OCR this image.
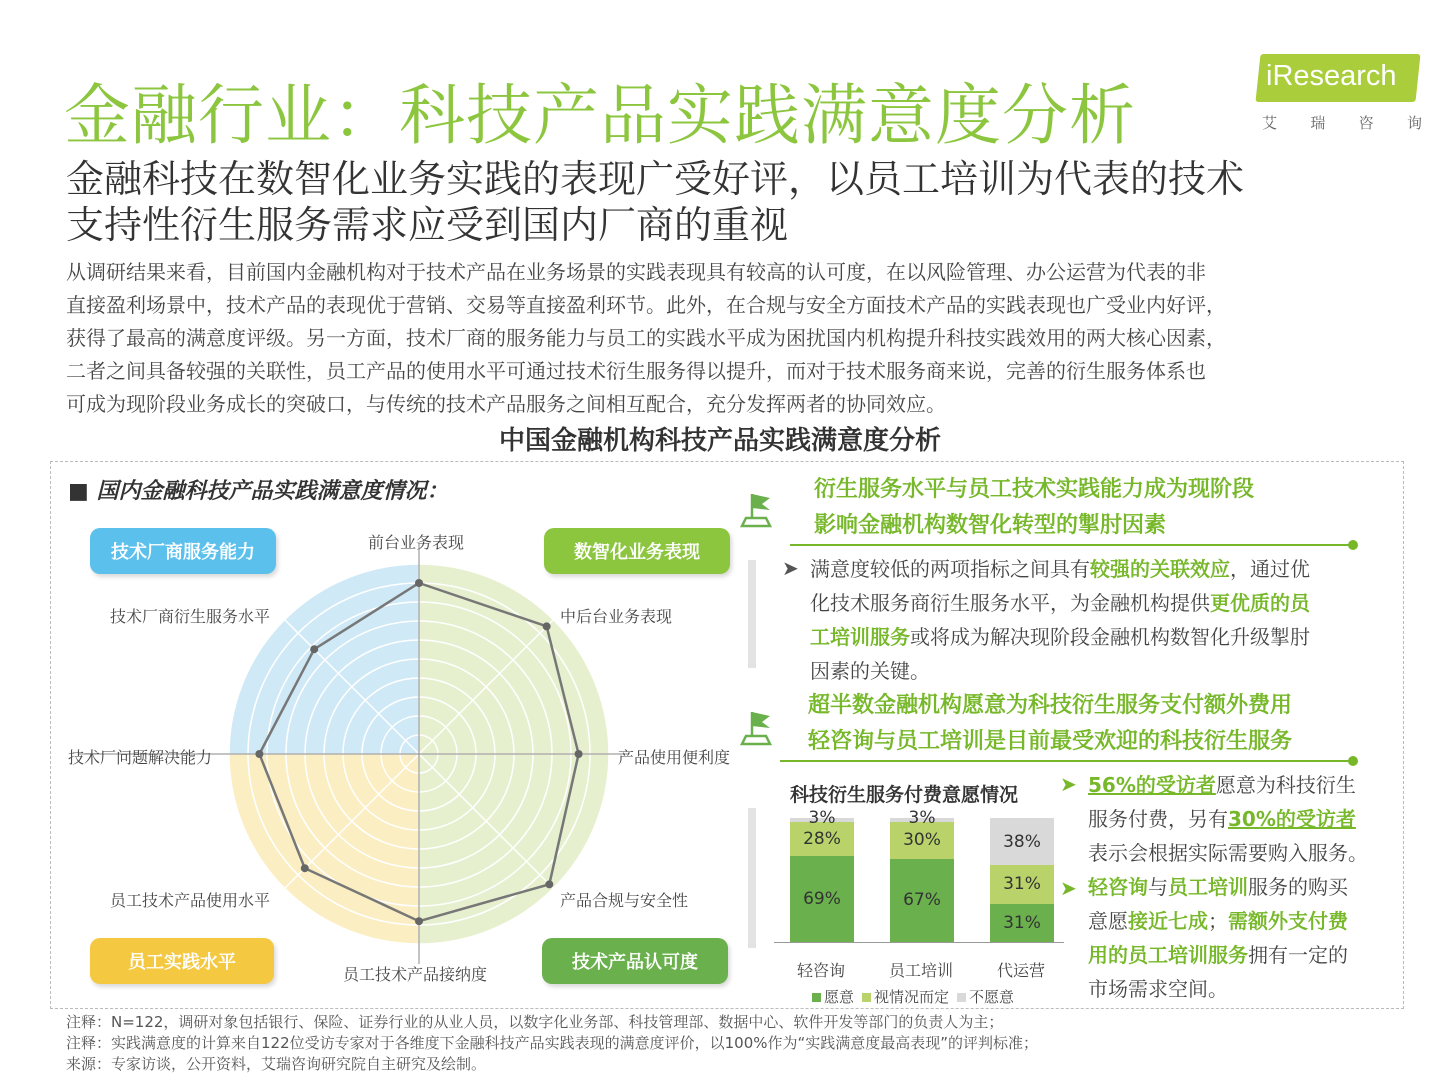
金融行业：科技产品实践满意度分析
iResearch
艾 瑞 咨 询
金融科技在数智化业务实践的表现广受好评，以员工培训为代表的技术
支持性衍生服务需求应受到国内厂商的重视
从调研结果来看，目前国内金融机构对于技术产品在业务场景的实践表现具有较高的认可度，在以风险管理、办公运营为代表的非
直接盈利场景中，技术产品的表现优于营销、交易等直接盈利环节。此外，在合规与安全方面技术产品的实践表现也广受业内好评，
获得了最高的满意度评级。另一方面，技术厂商的服务能力与员工的实践水平成为困扰国内机构提升科技实践效用的两大核心因素，
二者之间具备较强的关联性，员工产品的使用水平可通过技术衍生服务得以提升，而对于技术服务商来说，完善的衍生服务体系也
可成为现阶段业务成长的突破口，与传统的技术产品服务之间相互配合，充分发挥两者的协同效应。
中国金融机构科技产品实践满意度分析
■ 国内金融科技产品实践满意度情况：
技术厂商服务能力	数智化业务表现
员工实践水平	技术产品认可度
前台业务表现
中后台业务表现
产品使用便利度
产品合规与安全性
员工技术产品接纳度
员工技术产品使用水平
技术厂问题解决能力
技术厂商衍生服务水平
衍生服务水平与员工技术实践能力成为现阶段
影响金融机构数智化转型的掣肘因素
➤ 满意度较低的两项指标之间具有较强的关联效应，通过优
化技术服务商衍生服务水平，为金融机构提供更优质的员
工培训服务或将成为解决现阶段金融机构数智化升级掣肘
因素的关键。
超半数金融机构愿意为科技衍生服务支付额外费用
轻咨询与员工培训是目前最受欢迎的科技衍生服务
科技衍生服务付费意愿情况
69%
28%
3%
67%
30%
3%
31%
31%
38%
轻咨询	员工培训	代运营
愿意	视情况而定	不愿意
➤ 56%的受访者愿意为科技衍生
服务付费，另有30%的受访者
表示会根据实际需要购入服务。
➤ 轻咨询与员工培训服务的购买
意愿接近七成；需额外支付费
用的员工培训服务拥有一定的
市场需求空间。
注释：N=122，调研对象包括银行、保险、证券行业的从业人员，以数字化业务部、科技管理部、数据中心、软件开发等部门的负责人为主；
注释：实践满意度的计算来自122位受访专家对于各维度下金融科技产品实践表现的满意度评价，以100%作为“实践满意度最高表现”的评判标准；
来源：专家访谈，公开资料，艾瑞咨询研究院自主研究及绘制。
